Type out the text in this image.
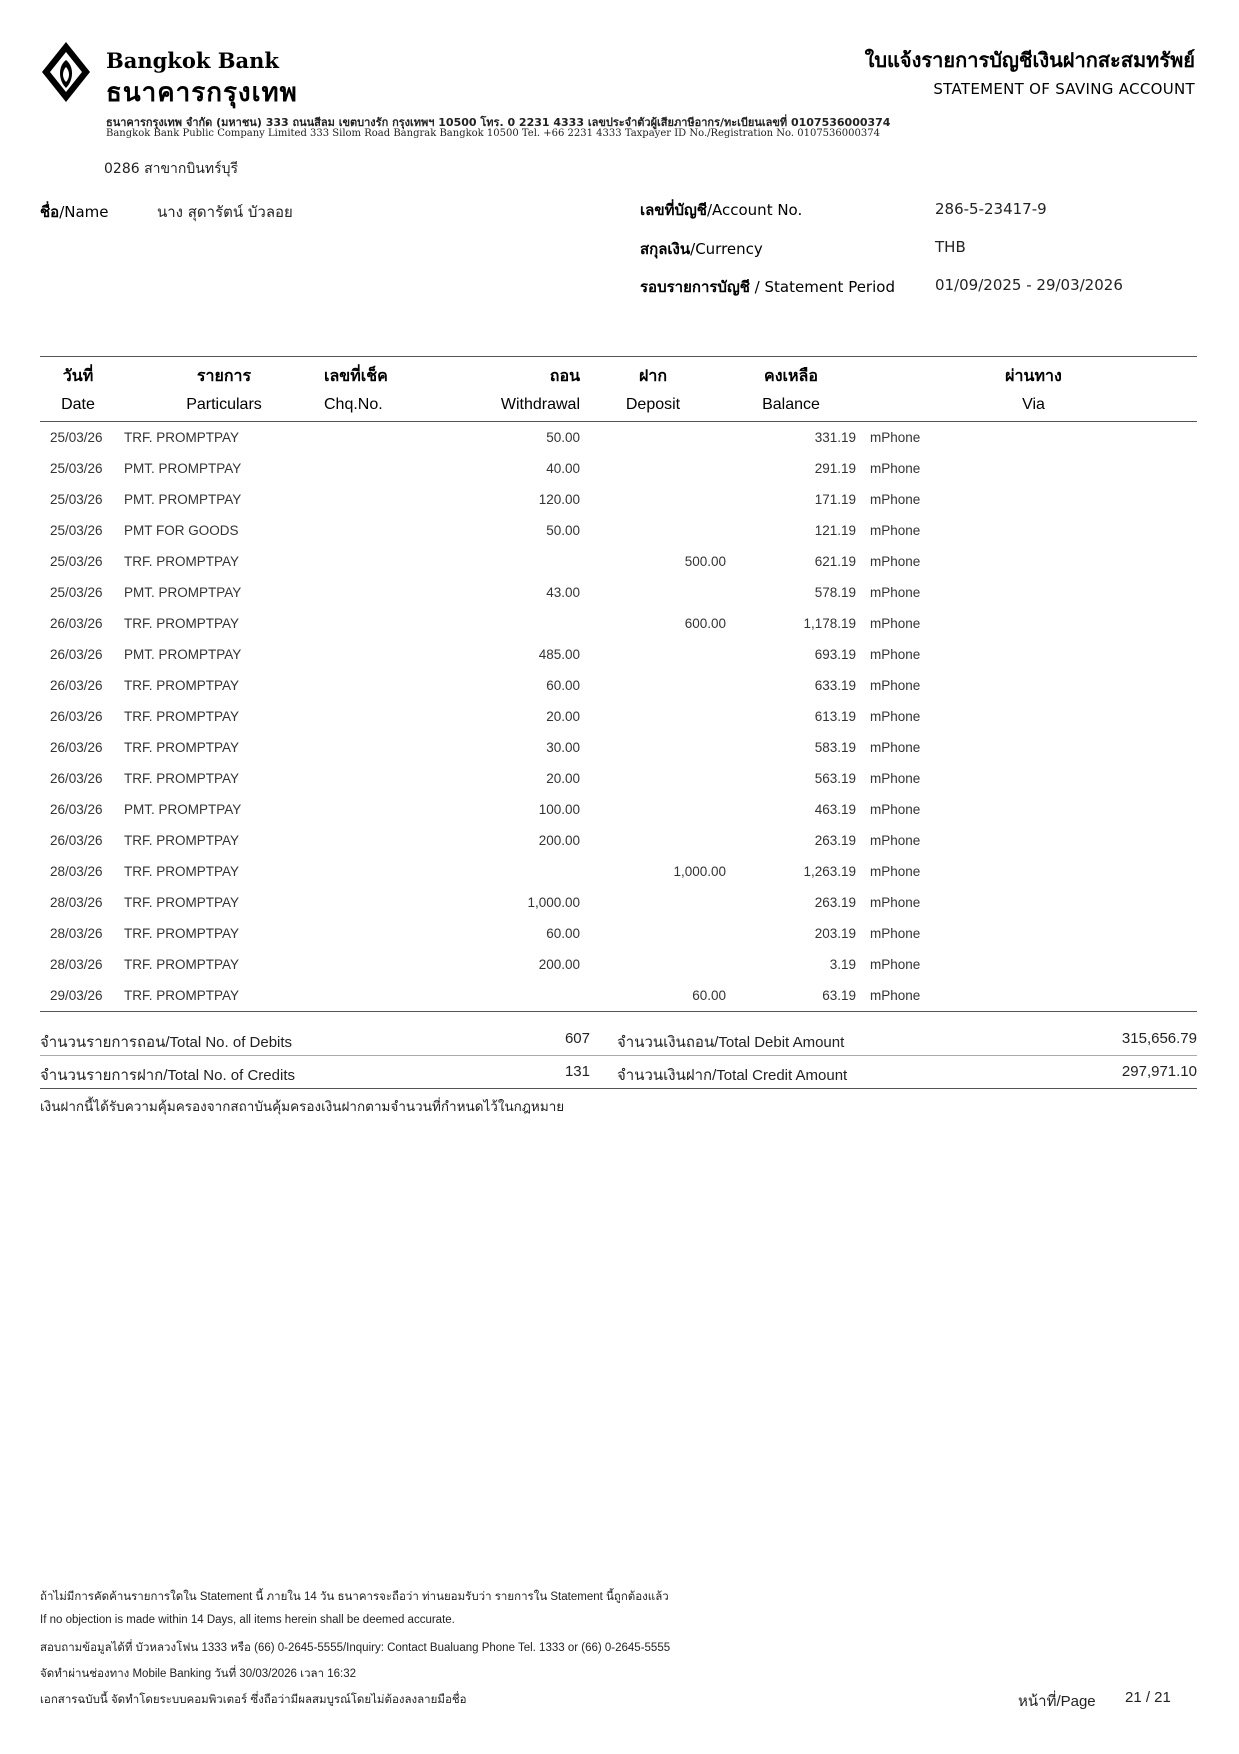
Bangkok Bank
ธนาคารกรุงเทพ
ใบแจ้งรายการบัญชีเงินฝากสะสมทรัพย์
STATEMENT OF SAVING ACCOUNT
ธนาคารกรุงเทพ จำกัด (มหาชน) 333 ถนนสีลม เขตบางรัก กรุงเทพฯ 10500 โทร. 0 2231 4333 เลขประจำตัวผู้เสียภาษีอากร/ทะเบียนเลขที่ 0107536000374
Bangkok Bank Public Company Limited 333 Silom Road Bangrak Bangkok 10500 Tel. +66 2231 4333 Taxpayer ID No./Registration No. 0107536000374
0286 สาขากบินทร์บุรี
ชื่อ/Name	นาง สุดารัตน์ บัวลอย	เลขที่บัญชี/Account No.	286-5-23417-9
สกุลเงิน/Currency	THB
รอบรายการบัญชี / Statement Period	01/09/2025 - 29/03/2026
วันที่	รายการ	เลขที่เช็ค	ถอน	ฝาก	คงเหลือ	ผ่านทาง
Date	Particulars	Chq.No.	Withdrawal	Deposit	Balance	Via
25/03/26	TRF. PROMPTPAY		50.00		331.19	mPhone
25/03/26	PMT. PROMPTPAY		40.00		291.19	mPhone
25/03/26	PMT. PROMPTPAY		120.00		171.19	mPhone
25/03/26	PMT FOR GOODS		50.00		121.19	mPhone
25/03/26	TRF. PROMPTPAY			500.00	621.19	mPhone
25/03/26	PMT. PROMPTPAY		43.00		578.19	mPhone
26/03/26	TRF. PROMPTPAY			600.00	1,178.19	mPhone
26/03/26	PMT. PROMPTPAY		485.00		693.19	mPhone
26/03/26	TRF. PROMPTPAY		60.00		633.19	mPhone
26/03/26	TRF. PROMPTPAY		20.00		613.19	mPhone
26/03/26	TRF. PROMPTPAY		30.00		583.19	mPhone
26/03/26	TRF. PROMPTPAY		20.00		563.19	mPhone
26/03/26	PMT. PROMPTPAY		100.00		463.19	mPhone
26/03/26	TRF. PROMPTPAY		200.00		263.19	mPhone
28/03/26	TRF. PROMPTPAY			1,000.00	1,263.19	mPhone
28/03/26	TRF. PROMPTPAY		1,000.00		263.19	mPhone
28/03/26	TRF. PROMPTPAY		60.00		203.19	mPhone
28/03/26	TRF. PROMPTPAY		200.00		3.19	mPhone
29/03/26	TRF. PROMPTPAY			60.00	63.19	mPhone
จำนวนรายการถอน/Total No. of Debits	607 จำนวนเงินถอน/Total Debit Amount	315,656.79
จำนวนรายการฝาก/Total No. of Credits	131 จำนวนเงินฝาก/Total Credit Amount	297,971.10
เงินฝากนี้ได้รับความคุ้มครองจากสถาบันคุ้มครองเงินฝากตามจำนวนที่กำหนดไว้ในกฎหมาย
ถ้าไม่มีการคัดค้านรายการใดใน Statement นี้ ภายใน 14 วัน ธนาคารจะถือว่า ท่านยอมรับว่า รายการใน Statement นี้ถูกต้องแล้ว
If no objection is made within 14 Days, all items herein shall be deemed accurate.
สอบถามข้อมูลได้ที่ บัวหลวงโฟน 1333 หรือ (66) 0-2645-5555/Inquiry: Contact Bualuang Phone Tel. 1333 or (66) 0-2645-5555
จัดทำผ่านช่องทาง Mobile Banking วันที่ 30/03/2026 เวลา 16:32
เอกสารฉบับนี้ จัดทำโดยระบบคอมพิวเตอร์ ซึ่งถือว่ามีผลสมบูรณ์โดยไม่ต้องลงลายมือชื่อ	หน้าที่/Page 21 / 21
